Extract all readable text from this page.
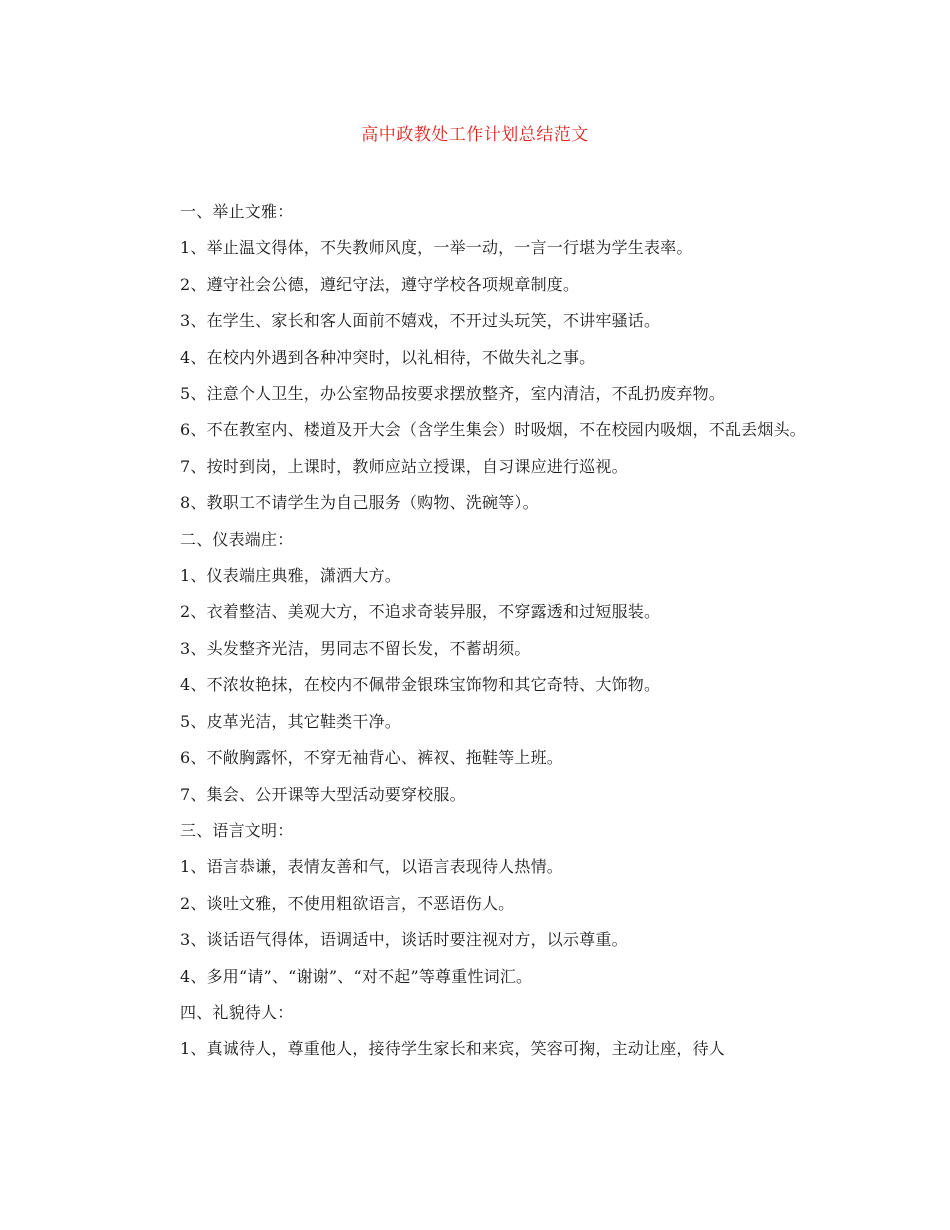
高中政教处工作计划总结范文

一、举止文雅：

1、举止温文得体，不失教师风度，一举一动，一言一行堪为学生表率。

2、遵守社会公德，遵纪守法，遵守学校各项规章制度。

3、在学生、家长和客人面前不嬉戏，不开过头玩笑，不讲牢骚话。

4、在校内外遇到各种冲突时，以礼相待，不做失礼之事。

5、注意个人卫生，办公室物品按要求摆放整齐，室内清洁，不乱扔废弃物。

6、不在教室内、楼道及开大会（含学生集会）时吸烟，不在校园内吸烟，不乱丢烟头。

7、按时到岗，上课时，教师应站立授课，自习课应进行巡视。

8、教职工不请学生为自己服务（购物、洗碗等）。

二、仪表端庄：

1、仪表端庄典雅，潇洒大方。

2、衣着整洁、美观大方，不追求奇装异服，不穿露透和过短服装。

3、头发整齐光洁，男同志不留长发，不蓄胡须。

4、不浓妆艳抹，在校内不佩带金银珠宝饰物和其它奇特、大饰物。

5、皮革光洁，其它鞋类干净。

6、不敞胸露怀，不穿无袖背心、裤衩、拖鞋等上班。

7、集会、公开课等大型活动要穿校服。

三、语言文明：

1、语言恭谦，表情友善和气，以语言表现待人热情。

2、谈吐文雅，不使用粗欲语言，不恶语伤人。

3、谈话语气得体，语调适中，谈话时要注视对方，以示尊重。

4、多用“请”、“谢谢”、“对不起”等尊重性词汇。

四、礼貌待人：

1、真诚待人，尊重他人，接待学生家长和来宾，笑容可掬，主动让座，待人
